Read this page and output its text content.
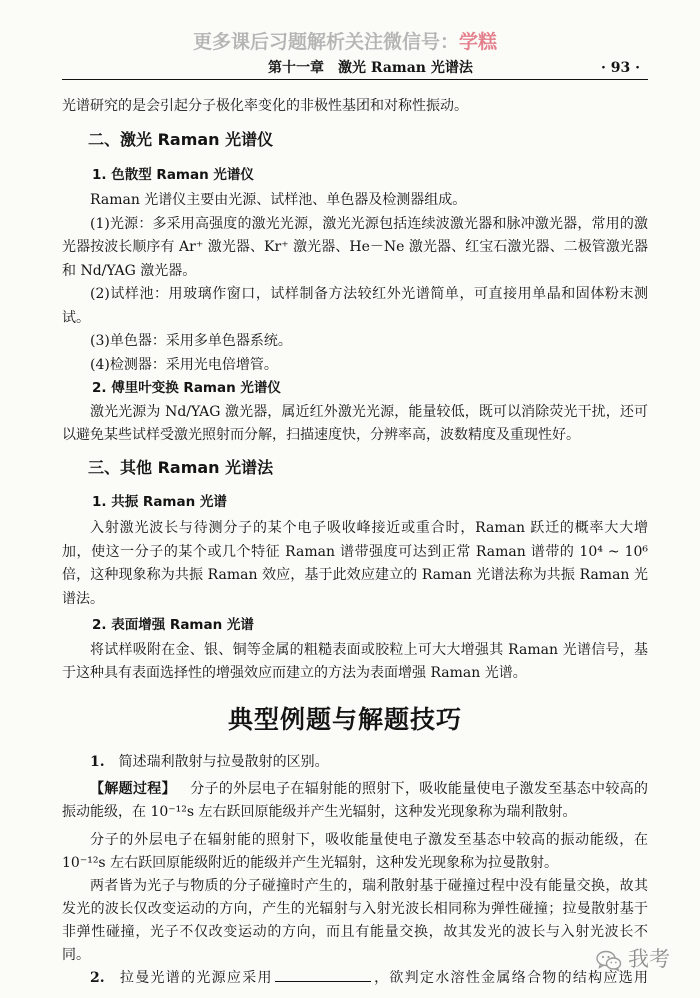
更多课后习题解析关注微信号：学糕
第十一章　激光 Raman 光谱法	· 93 ·

光谱研究的是会引起分子极化率变化的非极性基团和对称性振动。

二、激光 Raman 光谱仪
1. 色散型 Raman 光谱仪

Raman 光谱仪主要由光源、试样池、单色器及检测器组成。

(1)光源：多采用高强度的激光光源，激光光源包括连续波激光器和脉冲激光器，常用的激光器按波长顺序有 Ar⁺ 激光器、Kr⁺ 激光器、He－Ne 激光器、红宝石激光器、二极管激光器和 Nd/YAG 激光器。

(2)试样池：用玻璃作窗口，试样制备方法较红外光谱简单，可直接用单晶和固体粉末测试。

(3)单色器：采用多单色器系统。

(4)检测器：采用光电倍增管。

2. 傅里叶变换 Raman 光谱仪

激光光源为 Nd/YAG 激光器，属近红外激光光源，能量较低，既可以消除荧光干扰，还可以避免某些试样受激光照射而分解，扫描速度快，分辨率高，波数精度及重现性好。

三、其他 Raman 光谱法
1. 共振 Raman 光谱

入射激光波长与待测分子的某个电子吸收峰接近或重合时，Raman 跃迁的概率大大增加，使这一分子的某个或几个特征 Raman 谱带强度可达到正常 Raman 谱带的 10⁴ ~ 10⁶ 倍，这种现象称为共振 Raman 效应，基于此效应建立的 Raman 光谱法称为共振 Raman 光谱法。

2. 表面增强 Raman 光谱

将试样吸附在金、银、铜等金属的粗糙表面或胶粒上可大大增强其 Raman 光谱信号，基于这种具有表面选择性的增强效应而建立的方法为表面增强 Raman 光谱。

典型例题与解题技巧

1. 简述瑞利散射与拉曼散射的区别。

【解题过程】 分子的外层电子在辐射能的照射下，吸收能量使电子激发至基态中较高的振动能级，在 10⁻¹²s 左右跃回原能级并产生光辐射，这种发光现象称为瑞利散射。

分子的外层电子在辐射能的照射下，吸收能量使电子激发至基态中较高的振动能级，在 10⁻¹²s 左右跃回原能级附近的能级并产生光辐射，这种发光现象称为拉曼散射。

两者皆为光子与物质的分子碰撞时产生的，瑞利散射基于碰撞过程中没有能量交换，故其发光的波长仅改变运动的方向，产生的光辐射与入射光波长相同称为弹性碰撞；拉曼散射基于非弹性碰撞，光子不仅改变运动的方向，而且有能量交换，故其发光的波长与入射光波长不同。

2. 拉曼光谱的光源应采用	，欲判定水溶性金属络合物的结构应选用

我考
